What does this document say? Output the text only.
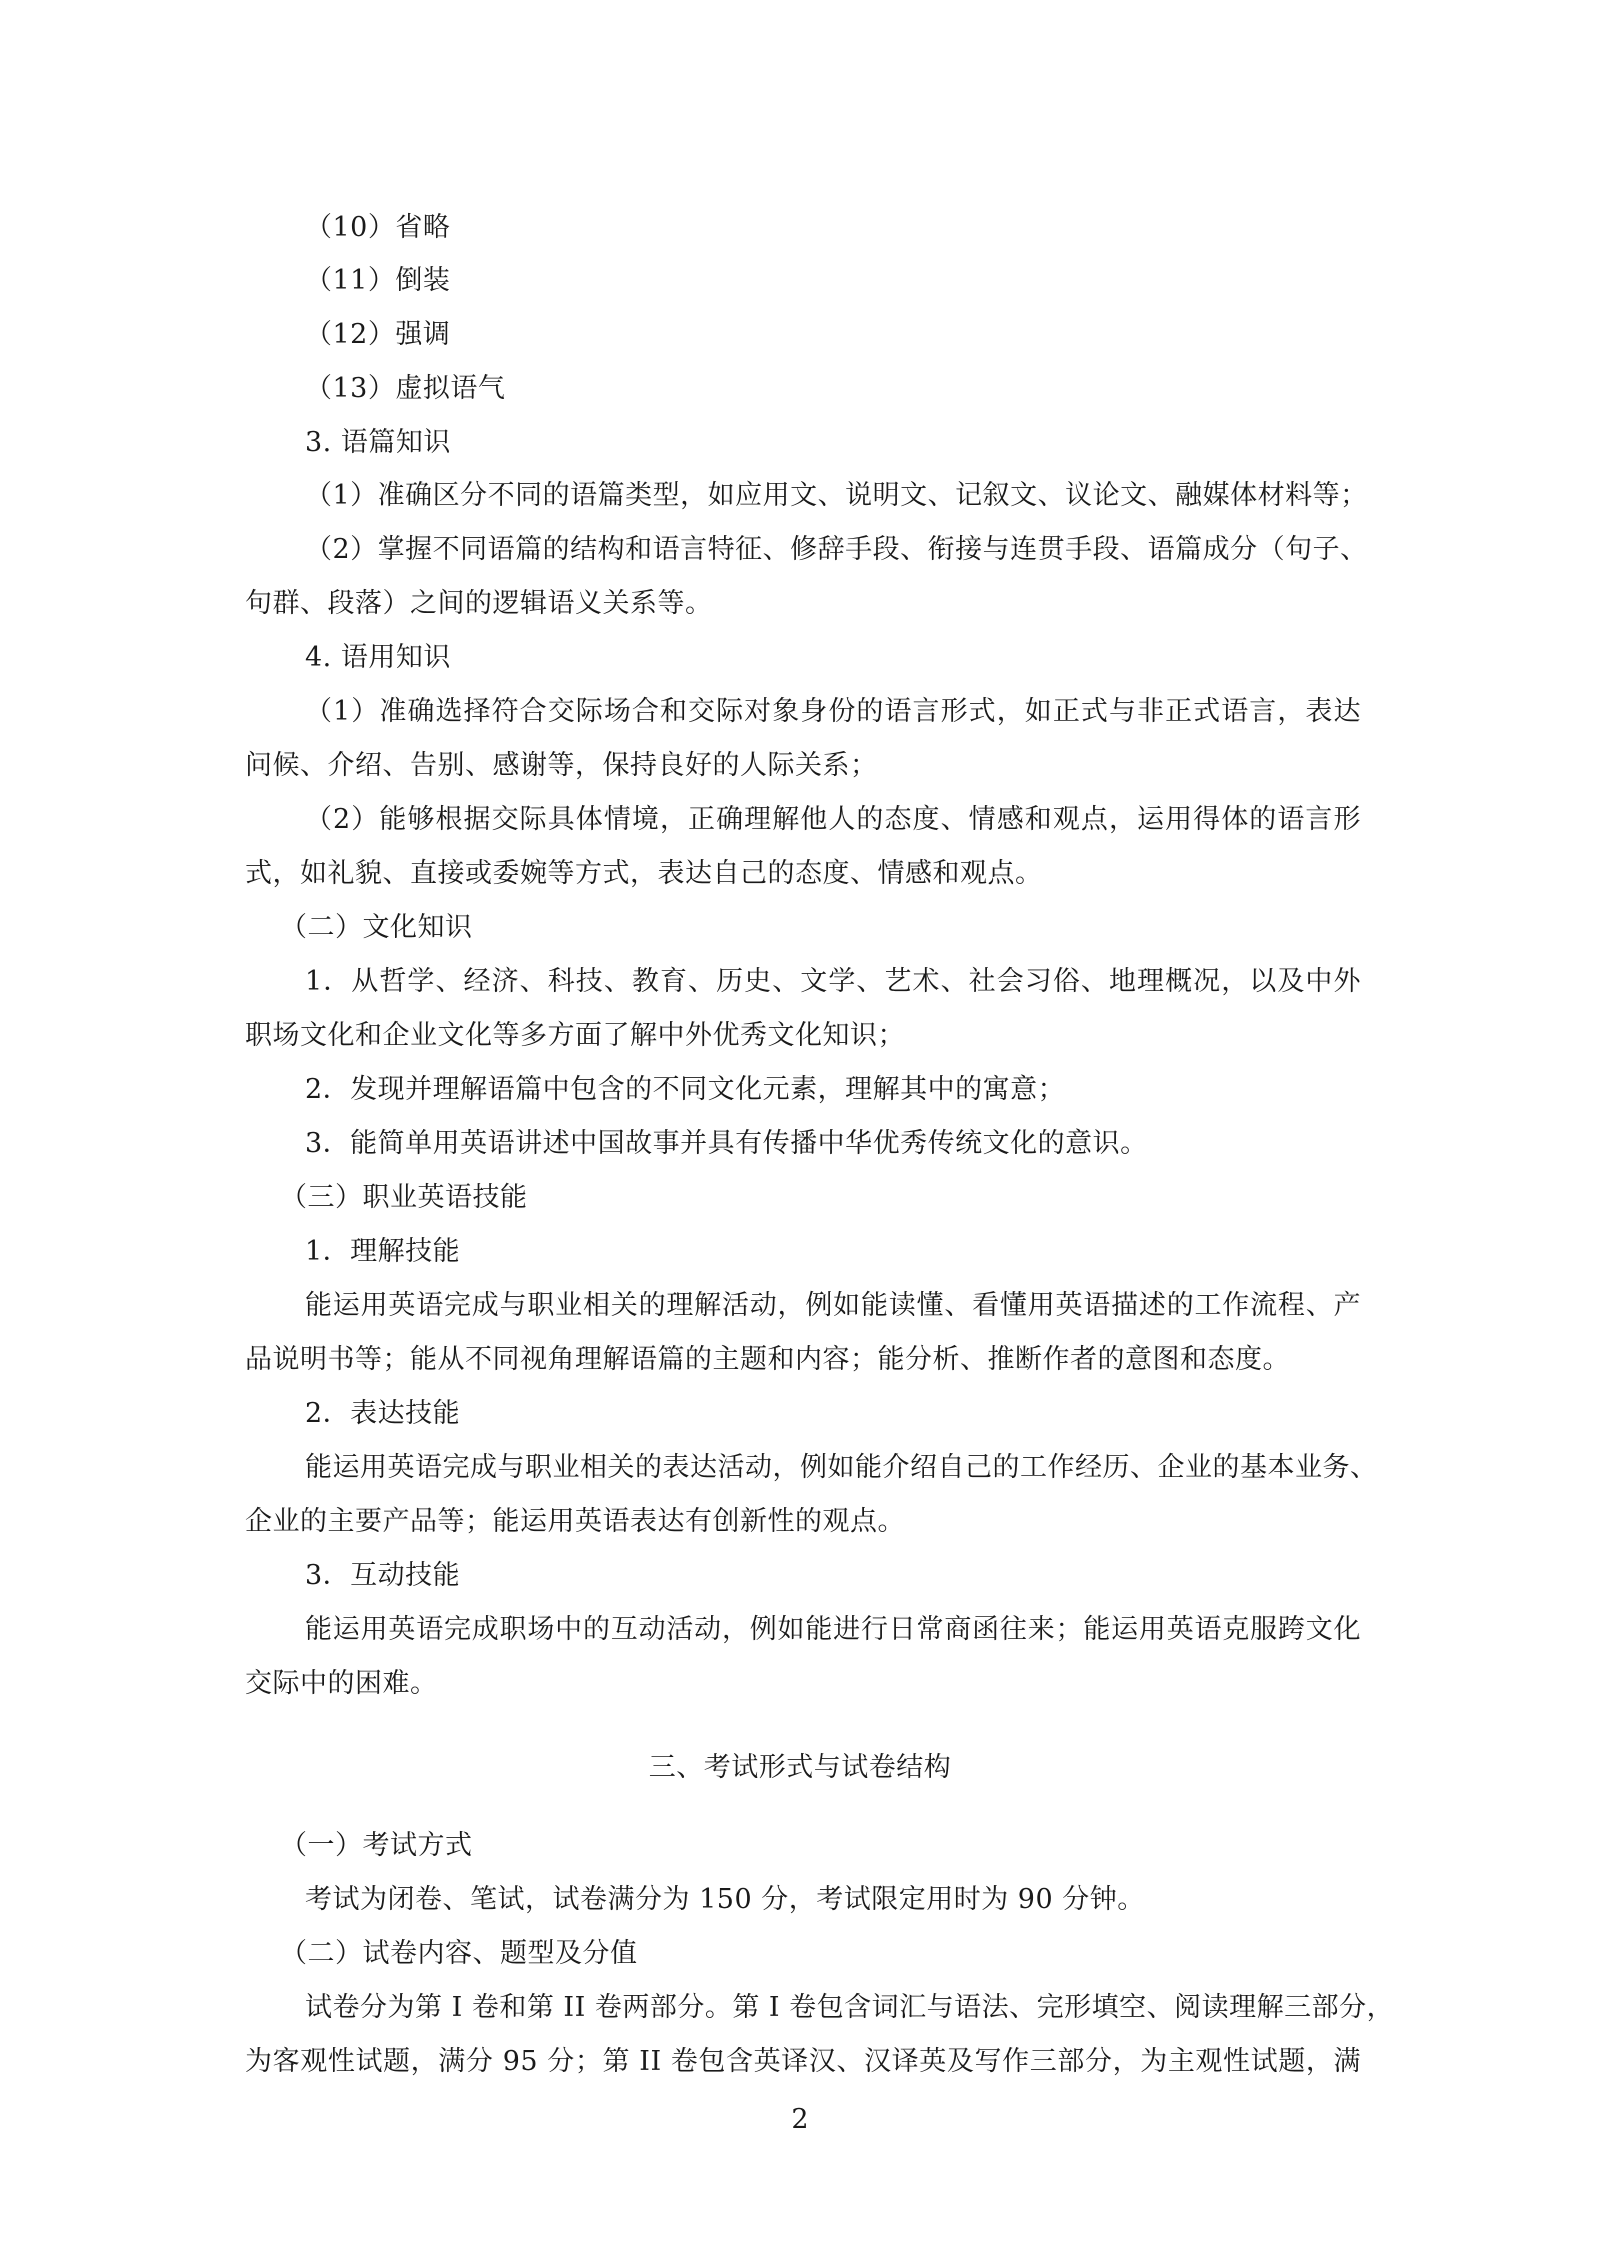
（10）省略
（11）倒装
（12）强调
（13）虚拟语气
3. 语篇知识
（1）准确区分不同的语篇类型，如应用文、说明文、记叙文、议论文、融媒体材料等；
（2）掌握不同语篇的结构和语言特征、修辞手段、衔接与连贯手段、语篇成分（句子、
句群、段落）之间的逻辑语义关系等。
4. 语用知识
（1）准确选择符合交际场合和交际对象身份的语言形式，如正式与非正式语言，表达
问候、介绍、告别、感谢等，保持良好的人际关系；
（2）能够根据交际具体情境，正确理解他人的态度、情感和观点，运用得体的语言形
式，如礼貌、直接或委婉等方式，表达自己的态度、情感和观点。
（二）文化知识
1．从哲学、经济、科技、教育、历史、文学、艺术、社会习俗、地理概况，以及中外
职场文化和企业文化等多方面了解中外优秀文化知识；
2．发现并理解语篇中包含的不同文化元素，理解其中的寓意；
3．能简单用英语讲述中国故事并具有传播中华优秀传统文化的意识。
（三）职业英语技能
1．理解技能
能运用英语完成与职业相关的理解活动，例如能读懂、看懂用英语描述的工作流程、产
品说明书等；能从不同视角理解语篇的主题和内容；能分析、推断作者的意图和态度。
2．表达技能
能运用英语完成与职业相关的表达活动，例如能介绍自己的工作经历、企业的基本业务、
企业的主要产品等；能运用英语表达有创新性的观点。
3．互动技能
能运用英语完成职场中的互动活动，例如能进行日常商函往来；能运用英语克服跨文化
交际中的困难。
三、考试形式与试卷结构
（一）考试方式
考试为闭卷、笔试，试卷满分为 150 分，考试限定用时为 90 分钟。
（二）试卷内容、题型及分值
试卷分为第 I 卷和第 II 卷两部分。第 I 卷包含词汇与语法、完形填空、阅读理解三部分，
为客观性试题，满分 95 分；第 II 卷包含英译汉、汉译英及写作三部分，为主观性试题，满
2
